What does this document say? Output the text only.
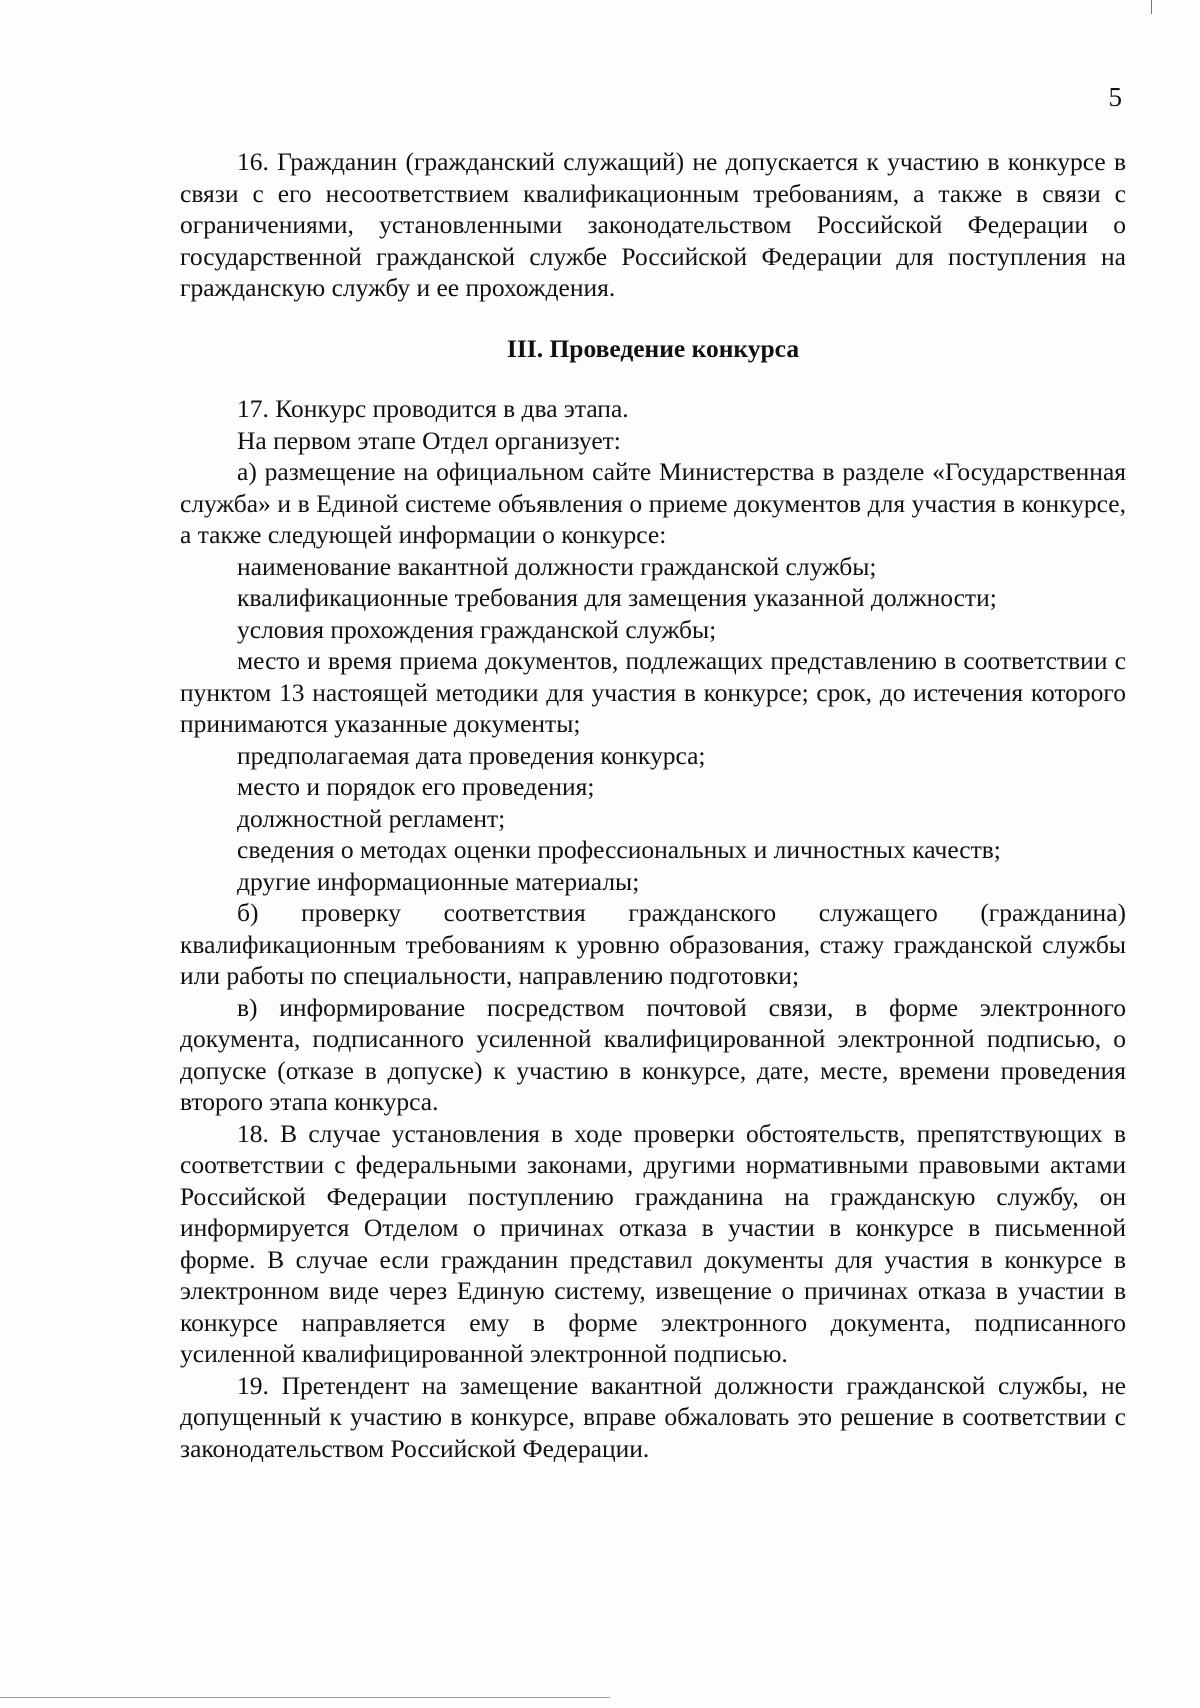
5

16. Гражданин (гражданский служащий) не допускается к участию в конкурсе в связи с его несоответствием квалификационным требованиям, а также в связи с ограничениями, установленными законодательством Российской Федерации о государственной гражданской службе Российской Федерации для поступления на гражданскую службу и ее прохождения.

III. Проведение конкурса

17. Конкурс проводится в два этапа.

На первом этапе Отдел организует:

а) размещение на официальном сайте Министерства в разделе «Государственная служба» и в Единой системе объявления о приеме документов для участия в конкурсе, а также следующей информации о конкурсе:

наименование вакантной должности гражданской службы;

квалификационные требования для замещения указанной должности;

условия прохождения гражданской службы;

место и время приема документов, подлежащих представлению в соответствии с пунктом 13 настоящей методики для участия в конкурсе; срок, до истечения которого принимаются указанные документы;

предполагаемая дата проведения конкурса;

место и порядок его проведения;

должностной регламент;

сведения о методах оценки профессиональных и личностных качеств;

другие информационные материалы;

б) проверку соответствия гражданского служащего (гражданина) квалификационным требованиям к уровню образования, стажу гражданской службы или работы по специальности, направлению подготовки;

в) информирование посредством почтовой связи, в форме электронного документа, подписанного усиленной квалифицированной электронной подписью, о допуске (отказе в допуске) к участию в конкурсе, дате, месте, времени проведения второго этапа конкурса.

18. В случае установления в ходе проверки обстоятельств, препятствующих в соответствии с федеральными законами, другими нормативными правовыми актами Российской Федерации поступлению гражданина на гражданскую службу, он информируется Отделом о причинах отказа в участии в конкурсе в письменной форме. В случае если гражданин представил документы для участия в конкурсе в электронном виде через Единую систему, извещение о причинах отказа в участии в конкурсе направляется ему в форме электронного документа, подписанного усиленной квалифицированной электронной подписью.

19. Претендент на замещение вакантной должности гражданской службы, не допущенный к участию в конкурсе, вправе обжаловать это решение в соответствии с законодательством Российской Федерации.
